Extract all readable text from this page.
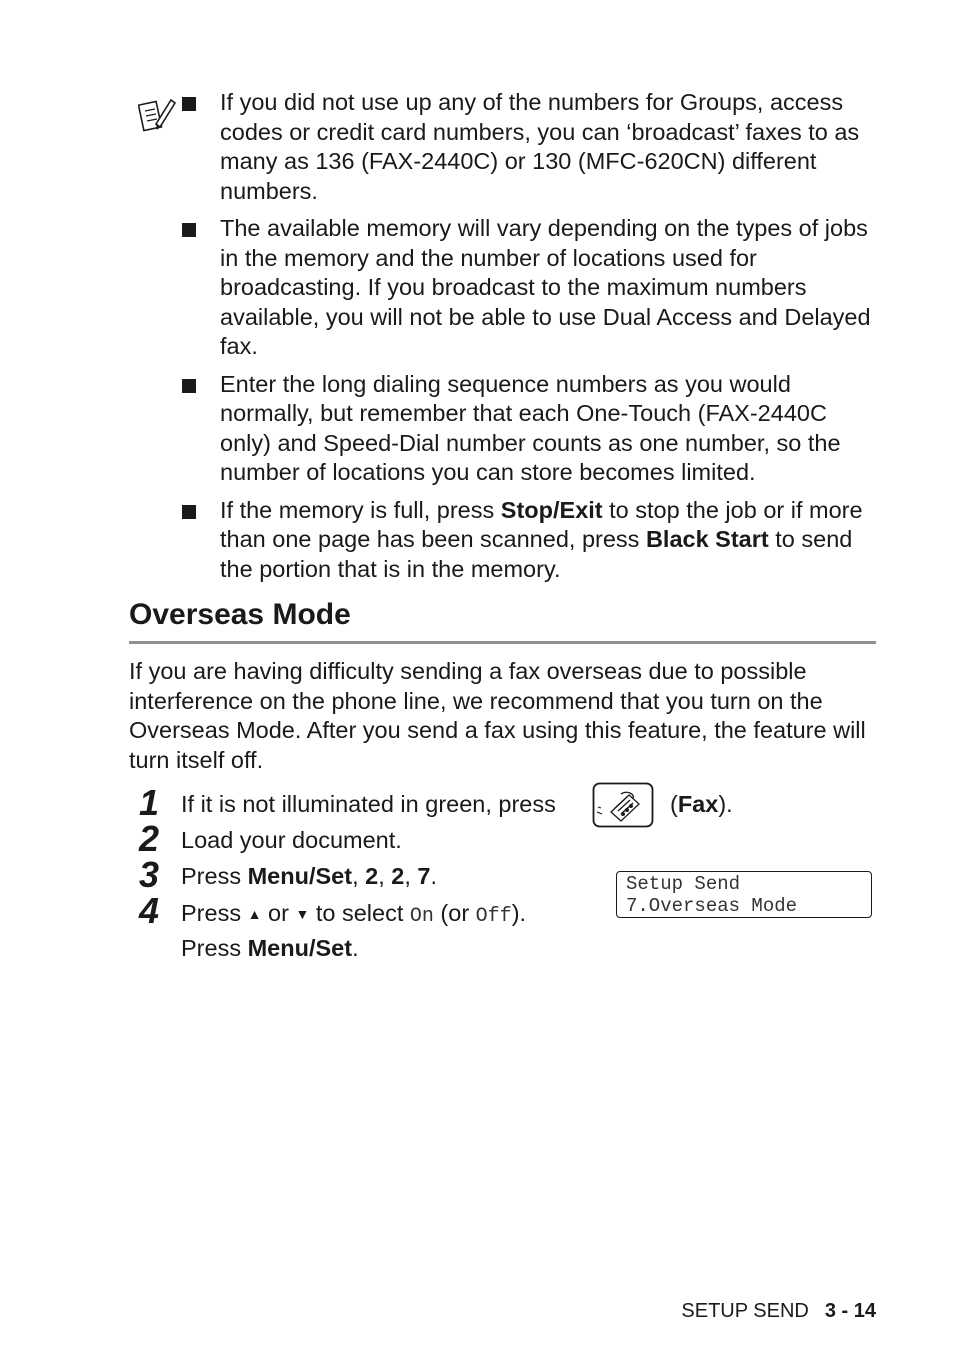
If you did not use up any of the numbers for Groups, access codes or credit card numbers, you can ‘broadcast’ faxes to as many as 136 (FAX-2440C) or 130 (MFC-620CN) different numbers.
The available memory will vary depending on the types of jobs in the memory and the number of locations used for broadcasting. If you broadcast to the maximum numbers available, you will not be able to use Dual Access and Delayed fax.
Enter the long dialing sequence numbers as you would normally, but remember that each One-Touch (FAX-2440C only) and Speed-Dial number counts as one number, so the number of locations you can store becomes limited.
If the memory is full, press Stop/Exit to stop the job or if more than one page has been scanned, press Black Start to send the portion that is in the memory.
Overseas Mode

If you are having difficulty sending a fax overseas due to possible interference on the phone line, we recommend that you turn on the Overseas Mode. After you send a fax using this feature, the feature will turn itself off.

1 If it is not illuminated in green, press	(Fax).
2 Load your document.
3 Press Menu/Set, 2, 2, 7.	Setup Send
7.Overseas Mode
4 Press ▲ or ▼ to select On (or Off).
Press Menu/Set.
SETUP SEND 3 - 14
